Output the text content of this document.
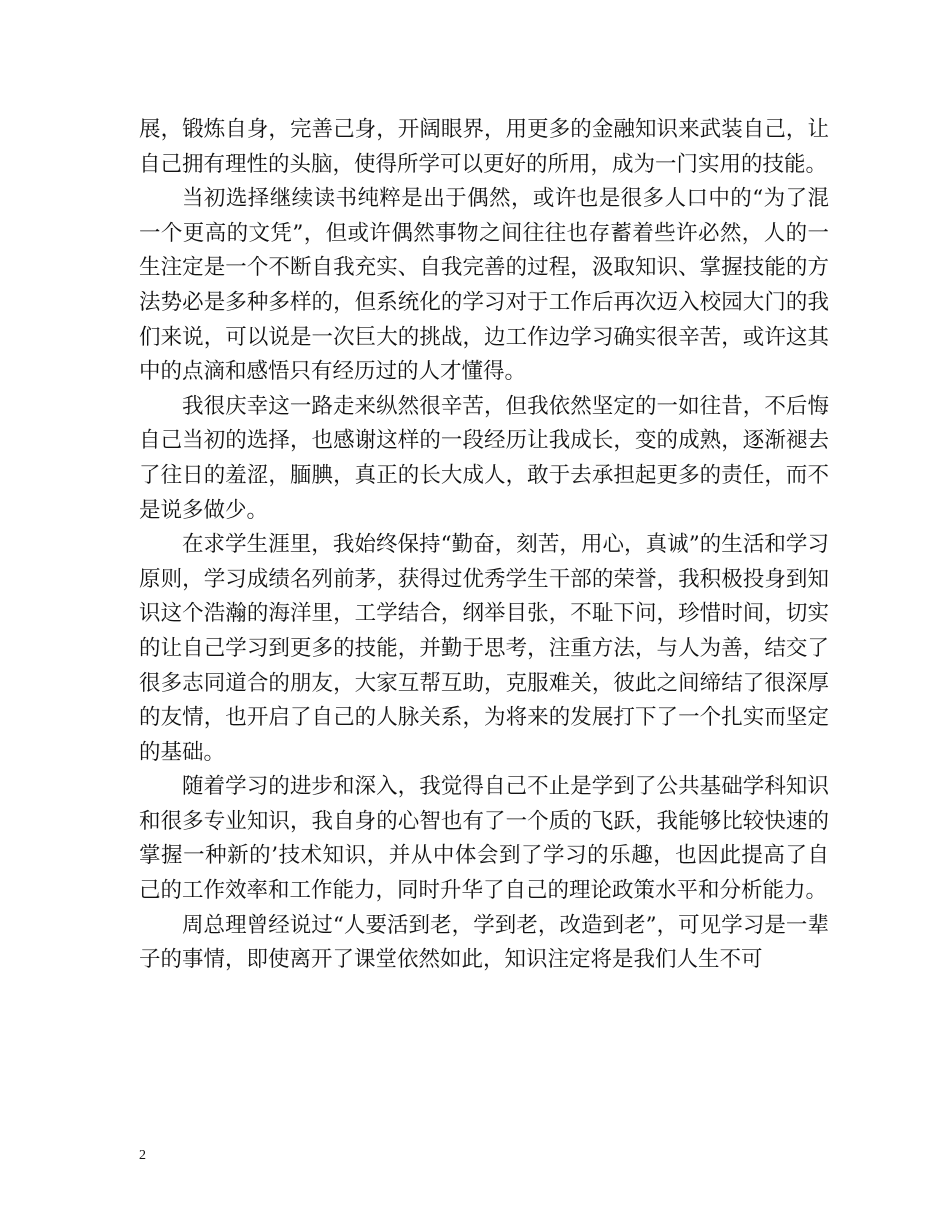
展，锻炼自身，完善己身，开阔眼界，用更多的金融知识来武装自己，让自己拥有理性的头脑，使得所学可以更好的所用，成为一门实用的技能。

当初选择继续读书纯粹是出于偶然，或许也是很多人口中的“为了混一个更高的文凭”，但或许偶然事物之间往往也存蓄着些许必然，人的一生注定是一个不断自我充实、自我完善的过程，汲取知识、掌握技能的方法势必是多种多样的，但系统化的学习对于工作后再次迈入校园大门的我们来说，可以说是一次巨大的挑战，边工作边学习确实很辛苦，或许这其中的点滴和感悟只有经历过的人才懂得。

我很庆幸这一路走来纵然很辛苦，但我依然坚定的一如往昔，不后悔自己当初的选择，也感谢这样的一段经历让我成长，变的成熟，逐渐褪去了往日的羞涩，腼腆，真正的长大成人，敢于去承担起更多的责任，而不是说多做少。

在求学生涯里，我始终保持“勤奋，刻苦，用心，真诚”的生活和学习原则，学习成绩名列前茅，获得过优秀学生干部的荣誉，我积极投身到知识这个浩瀚的海洋里，工学结合，纲举目张，不耻下问，珍惜时间，切实的让自己学习到更多的技能，并勤于思考，注重方法，与人为善，结交了很多志同道合的朋友，大家互帮互助，克服难关，彼此之间缔结了很深厚的友情，也开启了自己的人脉关系，为将来的发展打下了一个扎实而坚定的基础。

随着学习的进步和深入，我觉得自己不止是学到了公共基础学科知识和很多专业知识，我自身的心智也有了一个质的飞跃，我能够比较快速的掌握一种新的’技术知识，并从中体会到了学习的乐趣，也因此提高了自己的工作效率和工作能力，同时升华了自己的理论政策水平和分析能力。

周总理曾经说过“人要活到老，学到老，改造到老”，可见学习是一辈子的事情，即使离开了课堂依然如此，知识注定将是我们人生不可

2
